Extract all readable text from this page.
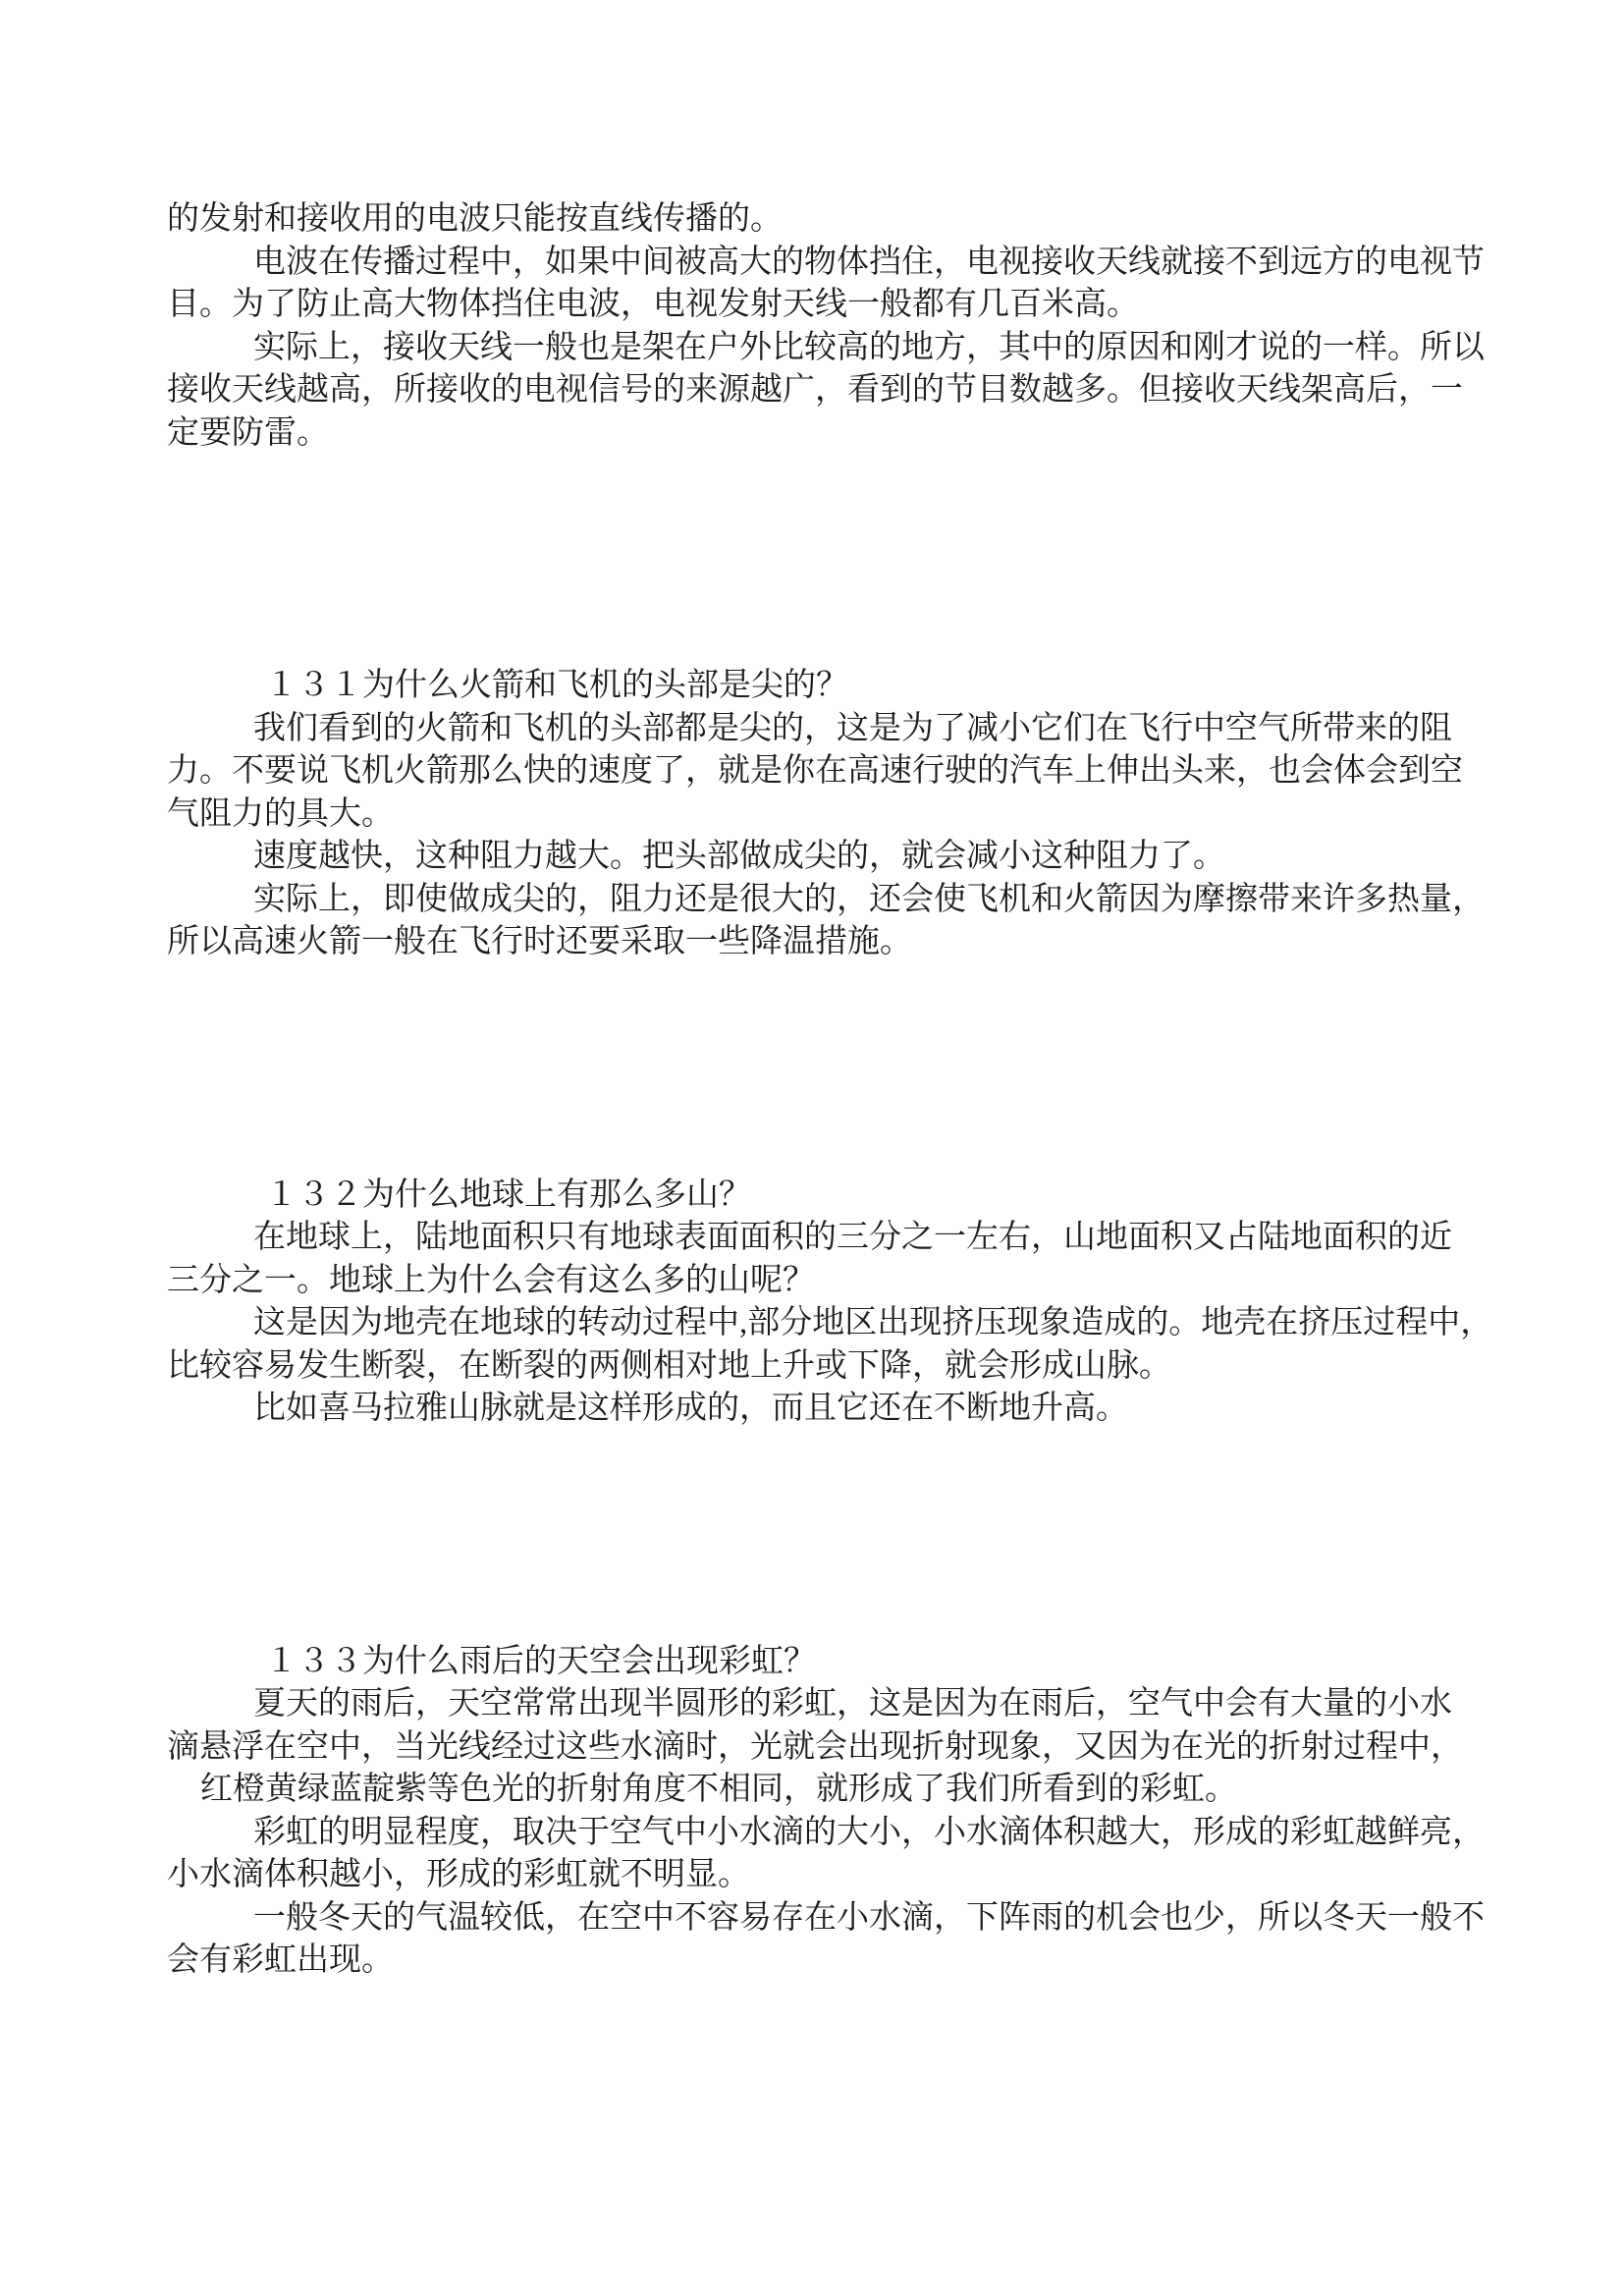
的发射和接收用的电波只能按直线传播的。
电波在传播过程中，如果中间被高大的物体挡住，电视接收天线就接不到远方的电视节
目。为了防止高大物体挡住电波，电视发射天线一般都有几百米高。
实际上，接收天线一般也是架在户外比较高的地方，其中的原因和刚才说的一样。所以
接收天线越高，所接收的电视信号的来源越广，看到的节目数越多。但接收天线架高后，一
定要防雷。
１３１为什么火箭和飞机的头部是尖的？
我们看到的火箭和飞机的头部都是尖的，这是为了减小它们在飞行中空气所带来的阻
力。不要说飞机火箭那么快的速度了，就是你在高速行驶的汽车上伸出头来，也会体会到空
气阻力的具大。
速度越快，这种阻力越大。把头部做成尖的，就会减小这种阻力了。
实际上，即使做成尖的，阻力还是很大的，还会使飞机和火箭因为摩擦带来许多热量，
所以高速火箭一般在飞行时还要采取一些降温措施。
１３２为什么地球上有那么多山？
在地球上，陆地面积只有地球表面面积的三分之一左右，山地面积又占陆地面积的近
三分之一。地球上为什么会有这么多的山呢？
这是因为地壳在地球的转动过程中,部分地区出现挤压现象造成的。地壳在挤压过程中，
比较容易发生断裂，在断裂的两侧相对地上升或下降，就会形成山脉。
比如喜马拉雅山脉就是这样形成的，而且它还在不断地升高。
１３３为什么雨后的天空会出现彩虹？
夏天的雨后，天空常常出现半圆形的彩虹，这是因为在雨后，空气中会有大量的小水
滴悬浮在空中，当光线经过这些水滴时，光就会出现折射现象，又因为在光的折射过程中，
红橙黄绿蓝靛紫等色光的折射角度不相同，就形成了我们所看到的彩虹。
彩虹的明显程度，取决于空气中小水滴的大小，小水滴体积越大，形成的彩虹越鲜亮，
小水滴体积越小，形成的彩虹就不明显。
一般冬天的气温较低，在空中不容易存在小水滴，下阵雨的机会也少，所以冬天一般不
会有彩虹出现。
